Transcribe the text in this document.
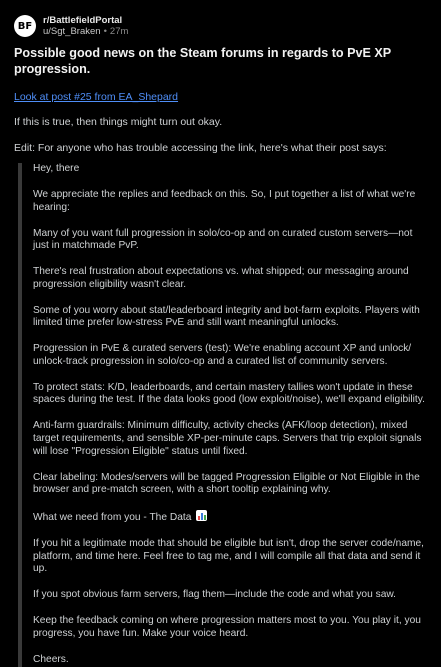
BF	r/BattlefieldPortal
u/Sgt_Braken • 27m
Possible good news on the Steam forums in regards to PvE XP progression.
Look at post #25 from EA_Shepard
If this is true, then things might turn out okay.
Edit: For anyone who has trouble accessing the link, here's what their post says:
Hey, there
We appreciate the replies and feedback on this. So, I put together a list of what we're hearing:
Many of you want full progression in solo/co-op and on curated custom servers—not just in matchmade PvP.
There's real frustration about expectations vs. what shipped; our messaging around progression eligibility wasn't clear.
Some of you worry about stat/leaderboard integrity and bot-farm exploits. Players with limited time prefer low-stress PvE and still want meaningful unlocks.
Progression in PvE & curated servers (test): We're enabling account XP and unlock/ unlock-track progression in solo/co-op and a curated list of community servers.
To protect stats: K/D, leaderboards, and certain mastery tallies won't update in these spaces during the test. If the data looks good (low exploit/noise), we'll expand eligibility.
Anti-farm guardrails: Minimum difficulty, activity checks (AFK/loop detection), mixed target requirements, and sensible XP-per-minute caps. Servers that trip exploit signals will lose "Progression Eligible" status until fixed.
Clear labeling: Modes/servers will be tagged Progression Eligible or Not Eligible in the browser and pre-match screen, with a short tooltip explaining why.
What we need from you - The Data
If you hit a legitimate mode that should be eligible but isn't, drop the server code/name, platform, and time here. Feel free to tag me, and I will compile all that data and send it up.
If you spot obvious farm servers, flag them—include the code and what you saw.
Keep the feedback coming on where progression matters most to you. You play it, you progress, you have fun. Make your voice heard.
Cheers.
